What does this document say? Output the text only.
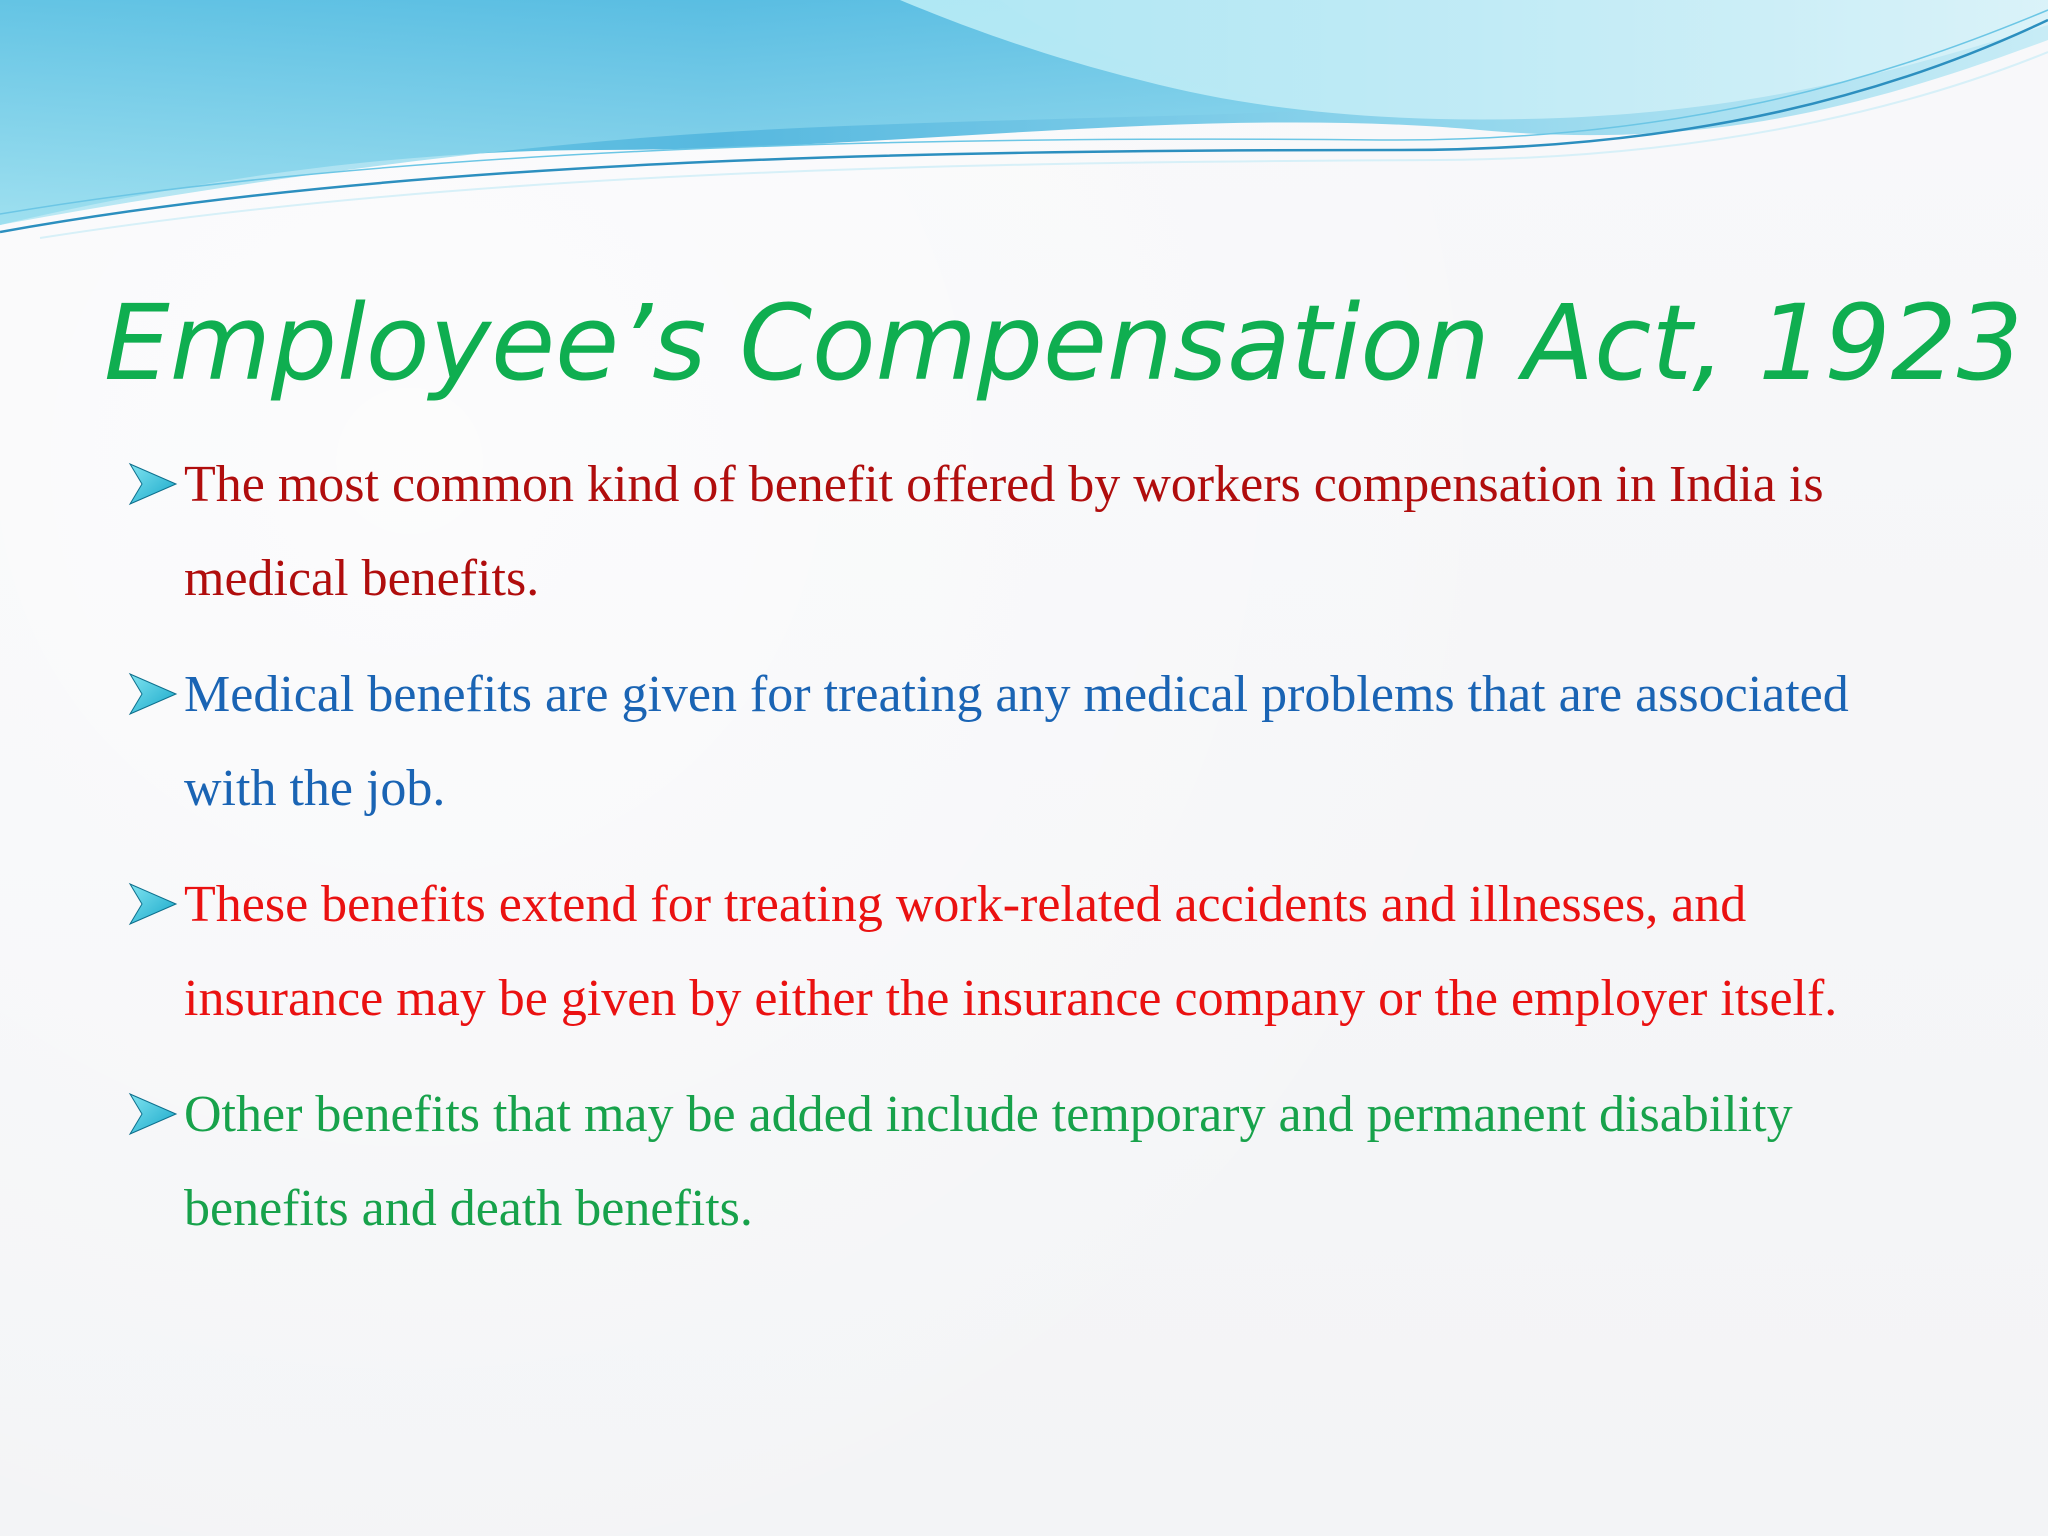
Employee’s Compensation Act, 1923
The most common kind of benefit offered by workers compensation in India is medical benefits.
Medical benefits are given for treating any medical problems that are associated with the job.
These benefits extend for treating work-related accidents and illnesses, and insurance may be given by either the insurance company or the employer itself.
Other benefits that may be added include temporary and permanent disability benefits and death benefits.
